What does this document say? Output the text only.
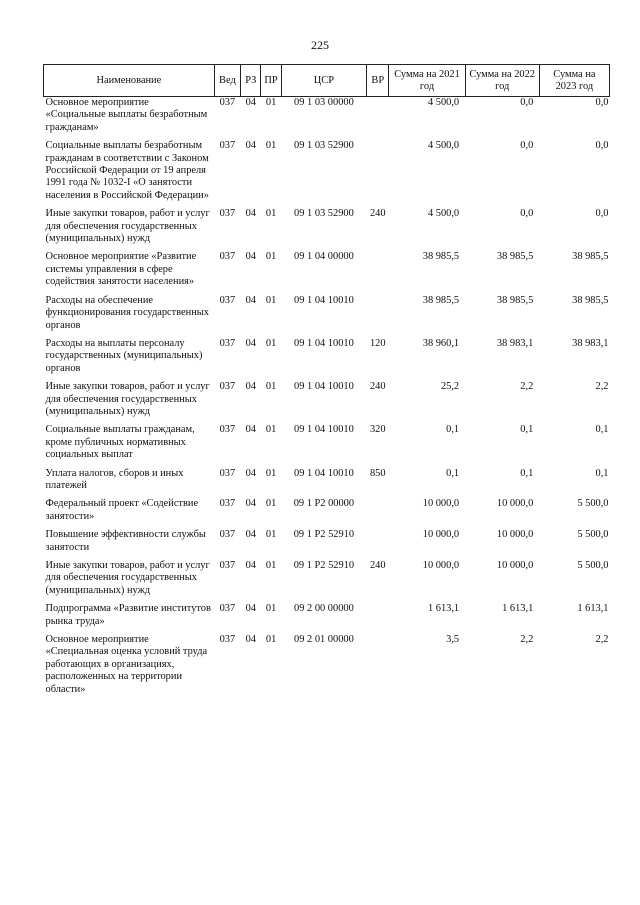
225
Наименование	Вед	РЗ	ПР	ЦСР	ВР	Сумма на 2021 год	Сумма на 2022 год	Сумма на 2023 год
Основное мероприятие «Социальные выплаты безработным гражданам»	037	04	01	09 1 03 00000		4 500,0	0,0	0,0
Социальные выплаты безработным гражданам в соответствии с Законом Российской Федерации от 19 апреля 1991 года № 1032-I «О занятости населения в Российской Федерации»	037	04	01	09 1 03 52900		4 500,0	0,0	0,0
Иные закупки товаров, работ и услуг для обеспечения государственных (муниципальных) нужд	037	04	01	09 1 03 52900	240	4 500,0	0,0	0,0
Основное мероприятие «Развитие системы управления в сфере содействия занятости населения»	037	04	01	09 1 04 00000		38 985,5	38 985,5	38 985,5
Расходы на обеспечение функционирования государственных органов	037	04	01	09 1 04 10010		38 985,5	38 985,5	38 985,5
Расходы на выплаты персоналу государственных (муниципальных) органов	037	04	01	09 1 04 10010	120	38 960,1	38 983,1	38 983,1
Иные закупки товаров, работ и услуг для обеспечения государственных (муниципальных) нужд	037	04	01	09 1 04 10010	240	25,2	2,2	2,2
Социальные выплаты гражданам, кроме публичных нормативных социальных выплат	037	04	01	09 1 04 10010	320	0,1	0,1	0,1
Уплата налогов, сборов и иных платежей	037	04	01	09 1 04 10010	850	0,1	0,1	0,1
Федеральный проект «Содействие занятости»	037	04	01	09 1 P2 00000		10 000,0	10 000,0	5 500,0
Повышение эффективности службы занятости	037	04	01	09 1 P2 52910		10 000,0	10 000,0	5 500,0
Иные закупки товаров, работ и услуг для обеспечения государственных (муниципальных) нужд	037	04	01	09 1 P2 52910	240	10 000,0	10 000,0	5 500,0
Подпрограмма «Развитие институтов рынка труда»	037	04	01	09 2 00 00000		1 613,1	1 613,1	1 613,1
Основное мероприятие «Специальная оценка условий труда работающих в организациях, расположенных на территории области»	037	04	01	09 2 01 00000		3,5	2,2	2,2
